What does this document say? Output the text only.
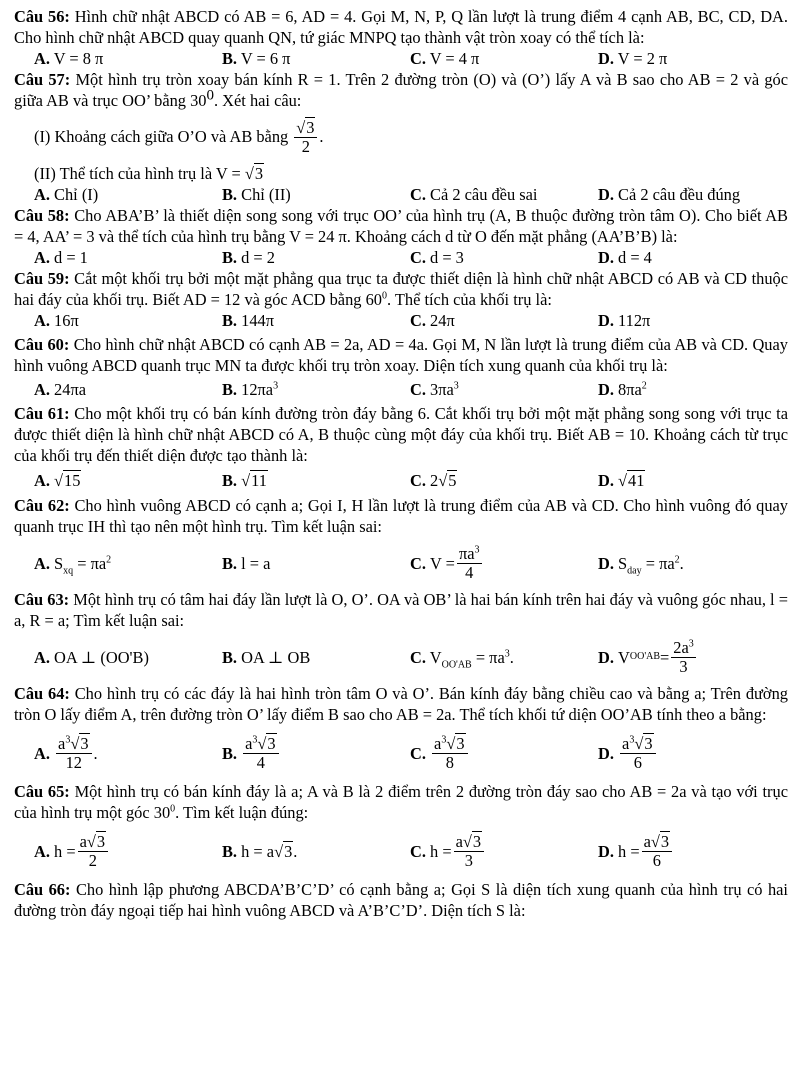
Câu 56: Hình chữ nhật ABCD có AB = 6, AD = 4. Gọi M, N, P, Q lần lượt là trung điểm 4 cạnh AB, BC, CD, DA. Cho hình chữ nhật ABCD quay quanh QN, tứ giác MNPQ tạo thành vật tròn xoay có thể tích là:

A. V = 8 π	B. V = 6 π	C. V = 4 π	D. V = 2 π

Câu 57: Một hình trụ tròn xoay bán kính R = 1. Trên 2 đường tròn (O) và (O’) lấy A và B sao cho AB = 2 và góc giữa AB và trục OO’ bằng $30^0$. Xét hai câu:

(I) Khoảng cách giữa O’O và AB bằng $\frac{√3}{2}$ .
(II) Thể tích của hình trụ là V = √3
A. Chỉ (I)	B. Chỉ (II)	C. Cả 2 câu đều sai	D. Cả 2 câu đều đúng

Câu 58: Cho ABA’B’ là thiết diện song song với trục OO’ của hình trụ (A, B thuộc đường tròn tâm O). Cho biết AB = 4, AA’ = 3 và thể tích của hình trụ bằng V = 24 π. Khoảng cách d từ O đến mặt phẳng (AA’B’B) là:

A. d = 1	B. d = 2	C. d = 3	D. d = 4

Câu 59: Cắt một khối trụ bởi một mặt phẳng qua trục ta được thiết diện là hình chữ nhật ABCD có AB và CD thuộc hai đáy của khối trụ. Biết AD = 12 và góc ACD bằng $60^0$. Thể tích của khối trụ là:

A. 16π	B. 144π	C. 24π	D. 112π

Câu 60: Cho hình chữ nhật ABCD có cạnh AB = 2a, AD = 4a. Gọi M, N lần lượt là trung điểm của AB và CD. Quay hình vuông ABCD quanh trục MN ta được khối trụ tròn xoay. Diện tích xung quanh của khối trụ là:

A. 24πa	B. $12\pi a^3$	C. $3\pi a^3$	D. $8\pi a^2$

Câu 61: Cho một khối trụ có bán kính đường tròn đáy bằng 6. Cắt khối trụ bởi một mặt phẳng song song với trục ta được thiết diện là hình chữ nhật ABCD có A, B thuộc cùng một đáy của khối trụ. Biết AB = 10. Khoảng cách từ trục của khối trụ đến thiết diện được tạo thành là:

A. √15	B. √11	C. 2√5	D. √41

Câu 62: Cho hình vuông ABCD có cạnh a; Gọi I, H lần lượt là trung điểm của AB và CD. Cho hình vuông đó quay quanh trục IH thì tạo nên một hình trụ. Tìm kết luận sai:

A. $S_{xq} = \pi a^2$	B. l = a	C.
$V = \frac{\pi a^3}{4}$	D. $S_{day} = \pi a^2$.

Câu 63: Một hình trụ có tâm hai đáy lần lượt là O, O’. OA và OB’ là hai bán kính trên hai đáy và vuông góc nhau, l = a, R = a; Tìm kết luận sai:

A. OA ⊥ (OO'B)	B. OA ⊥ OB	C. $V_{OO'AB} = \pi a^3$.	D.
V $OO'AB = \frac{2a^3}{3}$

Câu 64: Cho hình trụ có các đáy là hai hình tròn tâm O và O’. Bán kính đáy bằng chiều cao và bằng a; Trên đường tròn O lấy điểm A, trên đường tròn O’ lấy điểm B sao cho AB = 2a. Thể tích khối tứ diện OO’AB tính theo a bằng:

A.
$\frac{a^3√3}{12}$ .	B.
$\frac{a^3√3}{4}$	C.
$\frac{a^3√3}{8}$	D.
$\frac{a^3√3}{6}$

Câu 65: Một hình trụ có bán kính đáy là a; A và B là 2 điểm trên 2 đường tròn đáy sao cho AB = 2a và tạo với trục của hình trụ một góc $30^0$. Tìm kết luận đúng:

A.
$h = \frac{a√3}{2}$	B. h = a√3.	C.
$h = \frac{a√3}{3}$	D.
$h = \frac{a√3}{6}$

Câu 66: Cho hình lập phương ABCDA’B’C’D’ có cạnh bằng a; Gọi S là diện tích xung quanh của hình trụ có hai đường tròn đáy ngoại tiếp hai hình vuông ABCD và A’B’C’D’. Diện tích S là:
